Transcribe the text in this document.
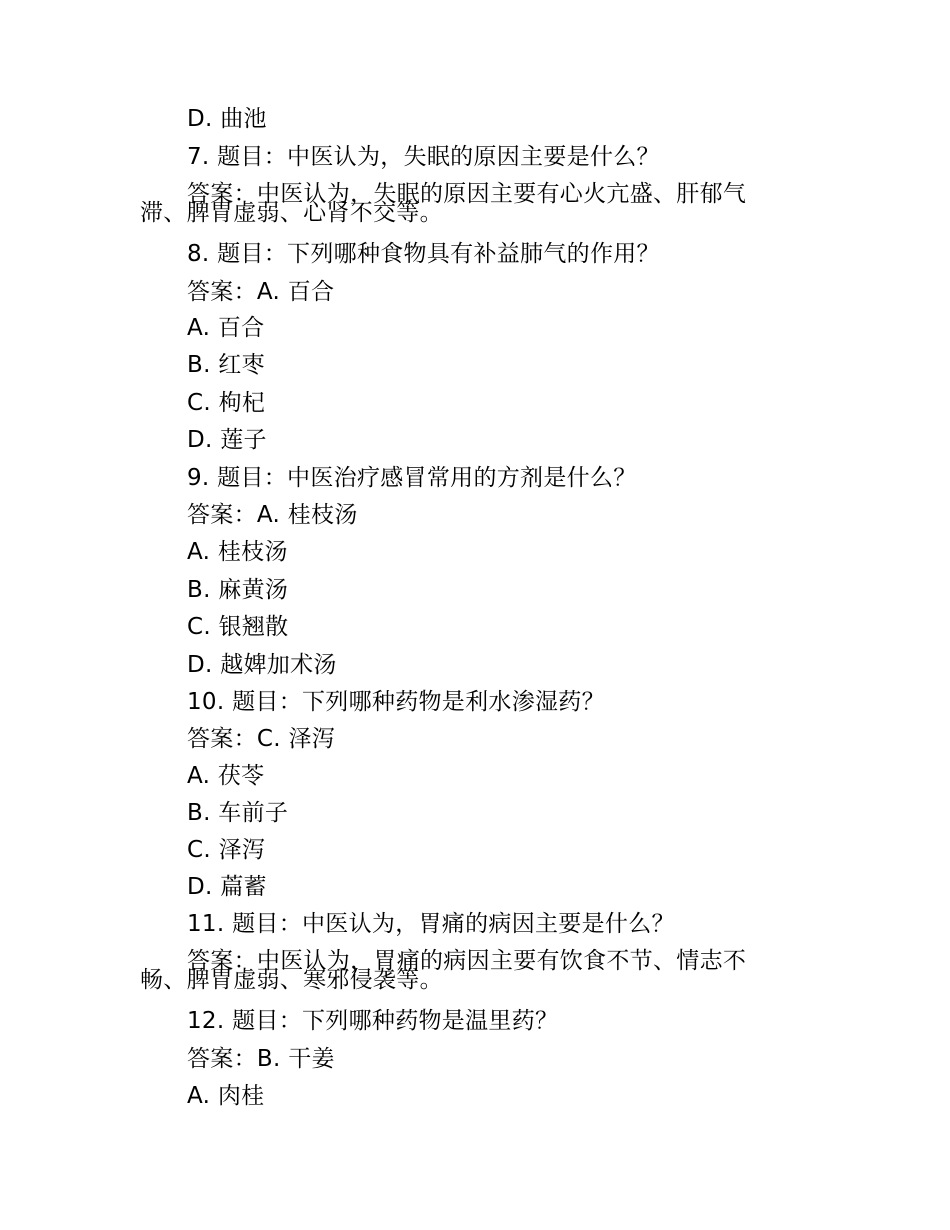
D. 曲池
7. 题目：中医认为，失眠的原因主要是什么？
答案：中医认为，失眠的原因主要有心火亢盛、肝郁气
滞、脾胃虚弱、心肾不交等。
8. 题目：下列哪种食物具有补益肺气的作用？
答案：A. 百合
A. 百合
B. 红枣
C. 枸杞
D. 莲子
9. 题目：中医治疗感冒常用的方剂是什么？
答案：A. 桂枝汤
A. 桂枝汤
B. 麻黄汤
C. 银翘散
D. 越婢加术汤
10. 题目：下列哪种药物是利水渗湿药？
答案：C. 泽泻
A. 茯苓
B. 车前子
C. 泽泻
D. 萹蓄
11. 题目：中医认为，胃痛的病因主要是什么？
答案：中医认为，胃痛的病因主要有饮食不节、情志不
畅、脾胃虚弱、寒邪侵袭等。
12. 题目：下列哪种药物是温里药？
答案：B. 干姜
A. 肉桂
